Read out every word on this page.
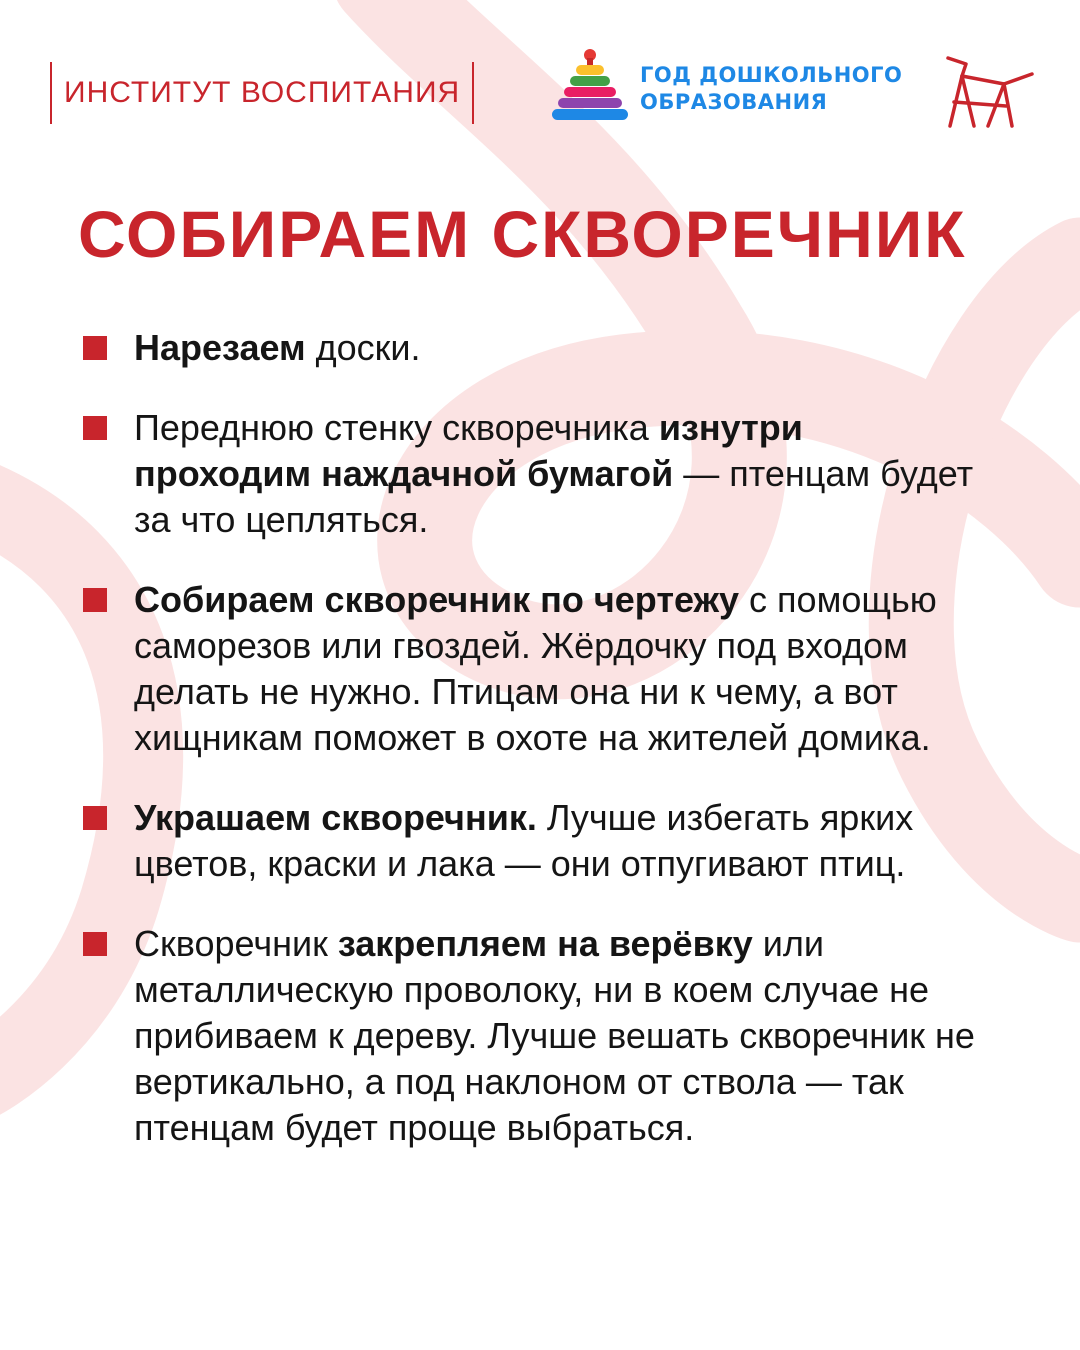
ИНСТИТУТ ВОСПИТАНИЯ
ГОД ДОШКОЛЬНОГО
ОБРАЗОВАНИЯ
СОБИРАЕМ СКВОРЕЧНИК
Нарезаем доски.
Переднюю стенку скворечника изнутри проходим наждачной бумагой — птенцам будет за что цепляться.
Собираем скворечник по чертежу с помощью саморезов или гвоздей. Жёрдочку под входом делать не нужно. Птицам она ни к чему, а вот хищникам поможет в охоте на жителей домика.
Украшаем скворечник. Лучше избегать ярких цветов, краски и лака — они отпугивают птиц.
Скворечник закрепляем на верёвку или металлическую проволоку, ни в коем случае не прибиваем к дереву. Лучше вешать скворечник не вертикально, а под наклоном от ствола — так птенцам будет проще выбраться.
